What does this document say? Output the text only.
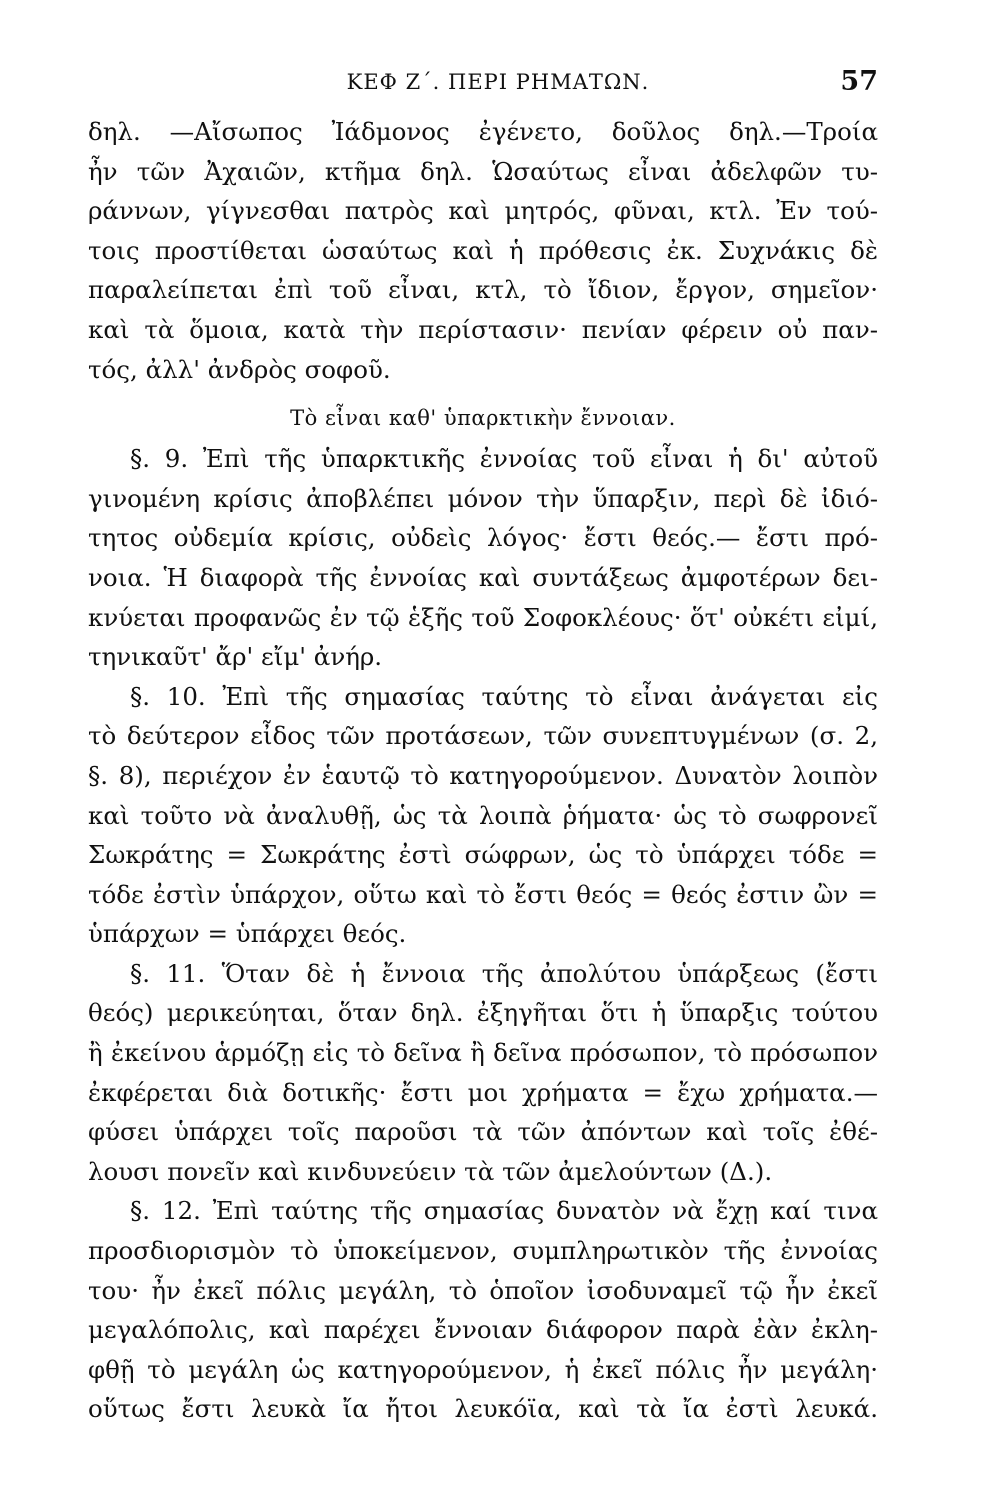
ΚΕΦ Ζ΄. ΠΕΡΙ ΡΗΜΑΤΩΝ.	57
δηλ. —Αἴσωπος Ἰάδμονος ἐγένετο, δοῦλος δηλ.—Τροία
ἦν τῶν Ἀχαιῶν, κτῆμα δηλ. Ὡσαύτως εἶναι ἀδελφῶν τυ-
ράννων, γίγνεσθαι πατρὸς καὶ μητρός, φῦναι, κτλ. Ἐν τού-
τοις προστίθεται ὡσαύτως καὶ ἡ πρόθεσις ἐκ. Συχνάκις δὲ
παραλείπεται ἐπὶ τοῦ εἶναι, κτλ, τὸ ἴδιον, ἔργον, σημεῖον·
καὶ τὰ ὅμοια, κατὰ τὴν περίστασιν· πενίαν φέρειν οὐ παν-
τός, ἀλλ' ἀνδρὸς σοφοῦ.
Τὸ εἶναι καθ' ὑπαρκτικὴν ἔννοιαν.
§. 9. Ἐπὶ τῆς ὑπαρκτικῆς ἐννοίας τοῦ εἶναι ἡ δι' αὐτοῦ
γινομένη κρίσις ἀποβλέπει μόνον τὴν ὕπαρξιν, περὶ δὲ ἰδιό-
τητος οὐδεμία κρίσις, οὐδεὶς λόγος· ἔστι θεός.— ἔστι πρό-
νοια. Ἡ διαφορὰ τῆς ἐννοίας καὶ συντάξεως ἀμφοτέρων δει-
κνύεται προφανῶς ἐν τῷ ἑξῆς τοῦ Σοφοκλέους· ὅτ' οὐκέτι εἰμί,
τηνικαῦτ' ἄρ' εἴμ' ἀνήρ.
§. 10. Ἐπὶ τῆς σημασίας ταύτης τὸ εἶναι ἀνάγεται εἰς
τὸ δεύτερον εἶδος τῶν προτάσεων, τῶν συνεπτυγμένων (σ. 2,
§. 8), περιέχον ἐν ἑαυτῷ τὸ κατηγορούμενον. Δυνατὸν λοιπὸν
καὶ τοῦτο νὰ ἀναλυθῇ, ὡς τὰ λοιπὰ ῥήματα· ὡς τὸ σωφρονεῖ
Σωκράτης = Σωκράτης ἐστὶ σώφρων, ὡς τὸ ὑπάρχει τόδε =
τόδε ἐστὶν ὑπάρχον, οὕτω καὶ τὸ ἔστι θεός = θεός ἐστιν ὢν =
ὑπάρχων = ὑπάρχει θεός.
§. 11. Ὅταν δὲ ἡ ἔννοια τῆς ἀπολύτου ὑπάρξεως (ἔστι
θεός) μερικεύηται, ὅταν δηλ. ἐξηγῆται ὅτι ἡ ὕπαρξις τούτου
ἢ ἐκείνου ἁρμόζῃ εἰς τὸ δεῖνα ἢ δεῖνα πρόσωπον, τὸ πρόσωπον
ἐκφέρεται διὰ δοτικῆς· ἔστι μοι χρήματα = ἔχω χρήματα.—
φύσει ὑπάρχει τοῖς παροῦσι τὰ τῶν ἀπόντων καὶ τοῖς ἐθέ-
λουσι πονεῖν καὶ κινδυνεύειν τὰ τῶν ἀμελούντων (Δ.).
§. 12. Ἐπὶ ταύτης τῆς σημασίας δυνατὸν νὰ ἔχῃ καί τινα
προσδιορισμὸν τὸ ὑποκείμενον, συμπληρωτικὸν τῆς ἐννοίας
του· ἦν ἐκεῖ πόλις μεγάλη, τὸ ὁποῖον ἰσοδυναμεῖ τῷ ἦν ἐκεῖ
μεγαλόπολις, καὶ παρέχει ἔννοιαν διάφορον παρὰ ἐὰν ἐκλη-
φθῇ τὸ μεγάλη ὡς κατηγορούμενον, ἡ ἐκεῖ πόλις ἦν μεγάλη·
οὕτως ἔστι λευκὰ ἴα ἤτοι λευκόϊα, καὶ τὰ ἴα ἐστὶ λευκά.
